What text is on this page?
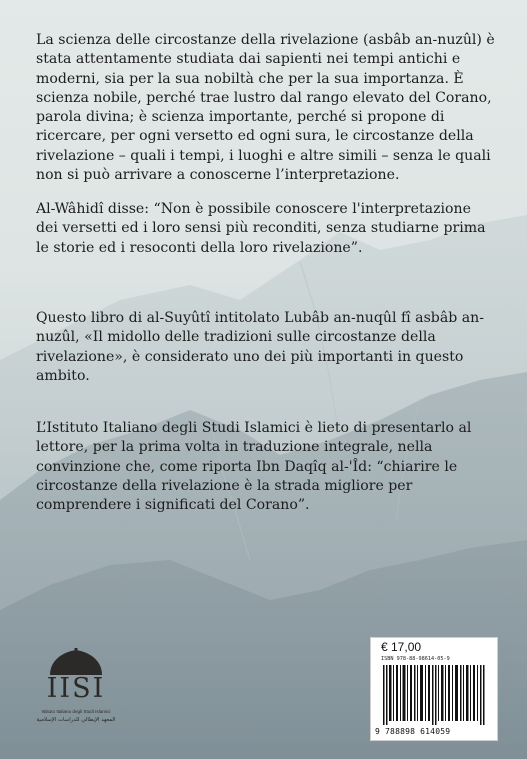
La scienza delle circostanze della rivelazione (asbâb an-nuzûl) è stata attentamente studiata dai sapienti nei tempi antichi e moderni, sia per la sua nobiltà che per la sua importanza. È scienza nobile, perché trae lustro dal rango elevato del Corano, parola divina; è scienza importante, perché si propone di ricercare, per ogni versetto ed ogni sura, le circostanze della rivelazione – quali i tempi, i luoghi e altre simili – senza le quali non si può arrivare a conoscerne l’interpretazione.

Al-Wâhidî disse: “Non è possibile conoscere l'interpretazione dei versetti ed i loro sensi più reconditi, senza studiarne prima le storie ed i resoconti della loro rivelazione”.

Questo libro di al-Suyûtî intitolato Lubâb an-nuqûl fî asbâb an-nuzûl, «Il midollo delle tradizioni sulle circostanze della rivelazione», è considerato uno dei più importanti in questo ambito.

L’Istituto Italiano degli Studi Islamici è lieto di presentarlo al lettore, per la prima volta in traduzione integrale, nella convinzione che, come riporta Ibn Daqîq al-'Îd: “chiarire le circostanze della rivelazione è la strada migliore per comprendere i significati del Corano”.

IISI

Istituto Italiano degli Studi Islamici

المعهد الإيطالي للدراسات الإسلامية

€ 17,00

ISBN 978-88-98614-05-9

9 788898 614059
